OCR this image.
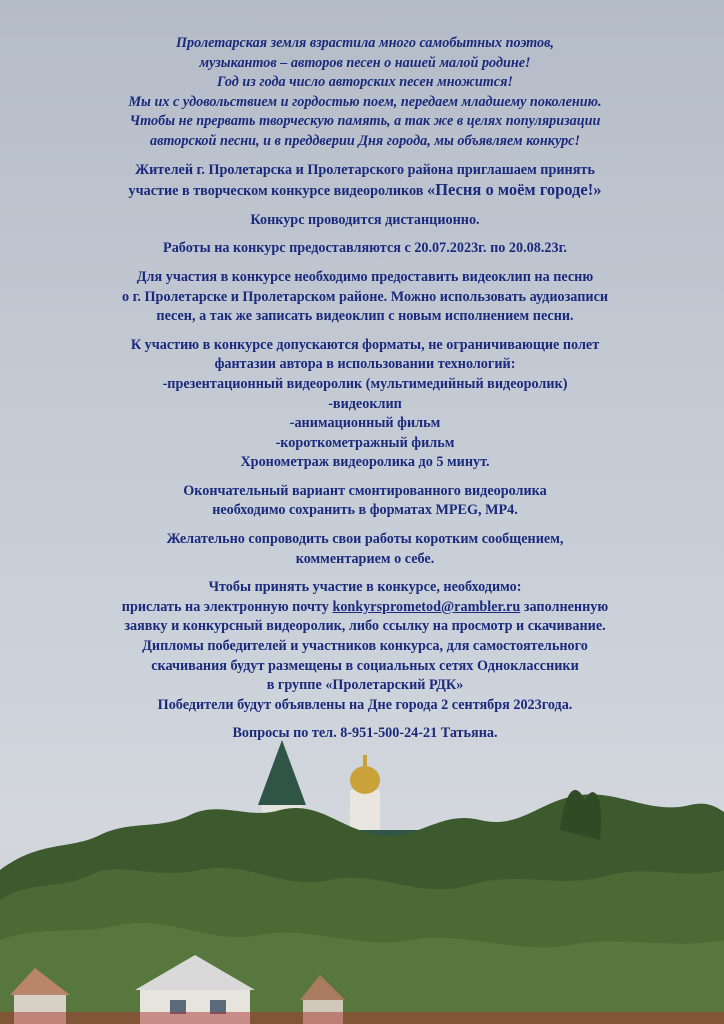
Пролетарская земля взрастила много самобытных поэтов,
музыкантов – авторов песен о нашей малой родине!
Год из года число авторских песен множится!
Мы их с удовольствием и гордостью поем, передаем младшему поколению.
Чтобы не прервать творческую память, а так же в целях популяризации
авторской песни, и в преддверии Дня города, мы объявляем конкурс!

Жителей г. Пролетарска и Пролетарского района приглашаем принять
участие в творческом конкурсе видеороликов «Песня о моём городе!»

Конкурс проводится дистанционно.

Работы на конкурс предоставляются с 20.07.2023г. по 20.08.23г.

Для участия в конкурсе необходимо предоставить видеоклип на песню
о г. Пролетарске и Пролетарском районе. Можно использовать аудиозаписи
песен, а так же записать видеоклип с новым исполнением песни.

К участию в конкурсе допускаются форматы, не ограничивающие полет
фантазии автора в использовании технологий:
-презентационный видеоролик (мультимедийный видеоролик)
-видеоклип
-анимационный фильм
-короткометражный фильм
Хронометраж видеоролика до 5 минут.

Окончательный вариант смонтированного видеоролика
необходимо сохранить в форматах MPEG, MP4.

Желательно сопроводить свои работы коротким сообщением,
комментарием о себе.

Чтобы принять участие в конкурсе, необходимо:
прислать на электронную почту konkyrsprometod@rambler.ru заполненную
заявку и конкурсный видеоролик, либо ссылку на просмотр и скачивание.
Дипломы победителей и участников конкурса, для самостоятельного
скачивания будут размещены в социальных сетях Одноклассники
в группе «Пролетарский РДК»
Победители будут объявлены на Дне города 2 сентября 2023года.

Вопросы по тел. 8-951-500-24-21 Татьяна.
